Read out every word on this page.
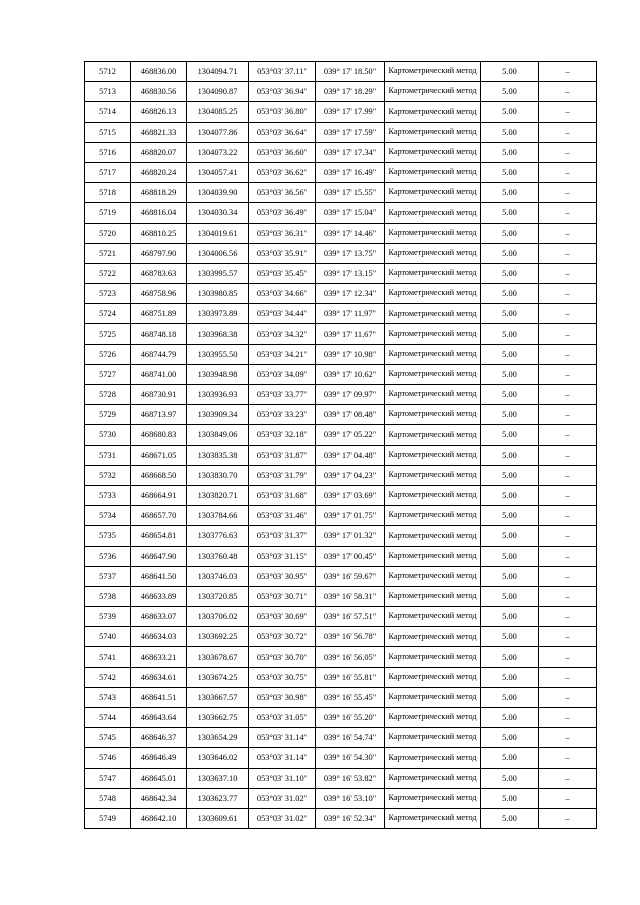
5712	468836.00	1304094.71	053°03' 37.11"	039° 17' 18.50"	Картометрический метод	5.00	–
5713	468830.56	1304090.87	053°03' 36.94"	039° 17' 18.29"	Картометрический метод	5.00	–
5714	468826.13	1304085.25	053°03' 36.80"	039° 17' 17.99"	Картометрический метод	5.00	–
5715	468821.33	1304077.86	053°03' 36.64"	039° 17' 17.59"	Картометрический метод	5.00	–
5716	468820.07	1304073.22	053°03' 36.60"	039° 17' 17.34"	Картометрический метод	5.00	–
5717	468820.24	1304057.41	053°03' 36.62"	039° 17' 16.49"	Картометрический метод	5.00	–
5718	468818.29	1304039.90	053°03' 36.56"	039° 17' 15.55"	Картометрический метод	5.00	–
5719	468816.04	1304030.34	053°03' 36.49"	039° 17' 15.04"	Картометрический метод	5.00	–
5720	468810.25	1304019.61	053°03' 36.31"	039° 17' 14.46"	Картометрический метод	5.00	–
5721	468797.90	1304006.56	053°03' 35.91"	039° 17' 13.75"	Картометрический метод	5.00	–
5722	468783.63	1303995.57	053°03' 35.45"	039° 17' 13.15"	Картометрический метод	5.00	–
5723	468758.96	1303980.85	053°03' 34.66"	039° 17' 12.34"	Картометрический метод	5.00	–
5724	468751.89	1303973.89	053°03' 34.44"	039° 17' 11.97"	Картометрический метод	5.00	–
5725	468748.18	1303968.38	053°03' 34.32"	039° 17' 11.67"	Картометрический метод	5.00	–
5726	468744.79	1303955.50	053°03' 34.21"	039° 17' 10.98"	Картометрический метод	5.00	–
5727	468741.00	1303948.98	053°03' 34.09"	039° 17' 10.62"	Картометрический метод	5.00	–
5728	468730.91	1303936.93	053°03' 33.77"	039° 17' 09.97"	Картометрический метод	5.00	–
5729	468713.97	1303909.34	053°03' 33.23"	039° 17' 08.48"	Картометрический метод	5.00	–
5730	468680.83	1303849.06	053°03' 32.18"	039° 17' 05.22"	Картометрический метод	5.00	–
5731	468671.05	1303835.38	053°03' 31.87"	039° 17' 04.48"	Картометрический метод	5.00	–
5732	468668.50	1303830.70	053°03' 31.79"	039° 17' 04.23"	Картометрический метод	5.00	–
5733	468664.91	1303820.71	053°03' 31.68"	039° 17' 03.69"	Картометрический метод	5.00	–
5734	468657.70	1303784.66	053°03' 31.46"	039° 17' 01.75"	Картометрический метод	5.00	–
5735	468654.81	1303776.63	053°03' 31.37"	039° 17' 01.32"	Картометрический метод	5.00	–
5736	468647.90	1303760.48	053°03' 31.15"	039° 17' 00.45"	Картометрический метод	5.00	–
5737	468641.50	1303746.03	053°03' 30.95"	039° 16' 59.67"	Картометрический метод	5.00	–
5738	468633.89	1303720.85	053°03' 30.71"	039° 16' 58.31"	Картометрический метод	5.00	–
5739	468633.07	1303706.02	053°03' 30.69"	039° 16' 57.51"	Картометрический метод	5.00	–
5740	468634.03	1303692.25	053°03' 30.72"	039° 16' 56.78"	Картометрический метод	5.00	–
5741	468633.21	1303678.67	053°03' 30.70"	039° 16' 56.05"	Картометрический метод	5.00	–
5742	468634.61	1303674.25	053°03' 30.75"	039° 16' 55.81"	Картометрический метод	5.00	–
5743	468641.51	1303667.57	053°03' 30.98"	039° 16' 55.45"	Картометрический метод	5.00	–
5744	468643.64	1303662.75	053°03' 31.05"	039° 16' 55.20"	Картометрический метод	5.00	–
5745	468646.37	1303654.29	053°03' 31.14"	039° 16' 54.74"	Картометрический метод	5.00	–
5746	468646.49	1303646.02	053°03' 31.14"	039° 16' 54.30"	Картометрический метод	5.00	–
5747	468645.01	1303637.10	053°03' 31.10"	039° 16' 53.82"	Картометрический метод	5.00	–
5748	468642.34	1303623.77	053°03' 31.02"	039° 16' 53.10"	Картометрический метод	5.00	–
5749	468642.10	1303609.61	053°03' 31.02"	039° 16' 52.34"	Картометрический метод	5.00	–
